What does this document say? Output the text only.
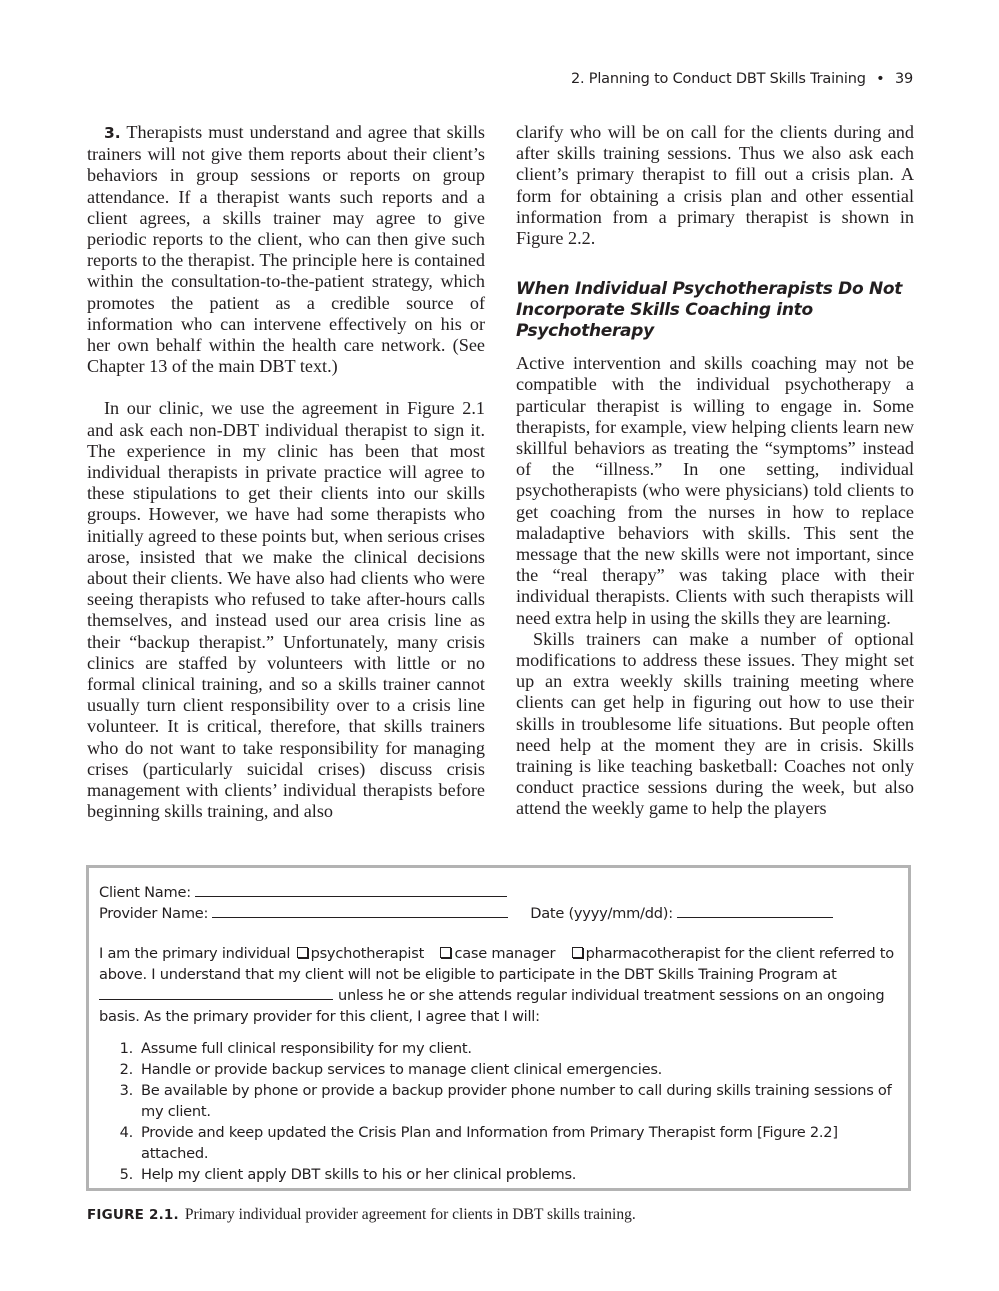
2. Planning to Conduct DBT Skills Training • 39

3. Therapists must understand and agree that skills trainers will not give them reports about their client’s behaviors in group sessions or reports on group attendance. If a therapist wants such reports and a client agrees, a skills trainer may agree to give periodic reports to the client, who can then give such reports to the therapist. The principle here is contained within the consultation-to-the-patient strategy, which promotes the patient as a credible source of information who can intervene effectively on his or her own behalf within the health care network. (See Chapter 13 of the main DBT text.)

In our clinic, we use the agreement in Figure 2.1 and ask each non-DBT individual therapist to sign it. The experience in my clinic has been that most individual therapists in private practice will agree to these stipulations to get their clients into our skills groups. However, we have had some therapists who initially agreed to these points but, when serious crises arose, insisted that we make the clinical decisions about their clients. We have also had clients who were seeing therapists who refused to take after-hours calls themselves, and instead used our area crisis line as their “backup therapist.” Unfortunately, many crisis clinics are staffed by volunteers with little or no formal clinical training, and so a skills trainer cannot usually turn client responsibility over to a crisis line volunteer. It is critical, therefore, that skills trainers who do not want to take responsibility for managing crises (particularly suicidal crises) discuss crisis management with clients’ individual therapists before beginning skills training, and also

clarify who will be on call for the clients during and after skills training sessions. Thus we also ask each client’s primary therapist to fill out a crisis plan. A form for obtaining a crisis plan and other essential information from a primary therapist is shown in Figure 2.2.

When Individual Psychotherapists Do Not Incorporate Skills Coaching into Psychotherapy

Active intervention and skills coaching may not be compatible with the individual psychotherapy a particular therapist is willing to engage in. Some therapists, for example, view helping clients learn new skillful behaviors as treating the “symptoms” instead of the “illness.” In one setting, individual psychotherapists (who were physicians) told clients to get coaching from the nurses in how to replace maladaptive behaviors with skills. This sent the message that the new skills were not important, since the “real therapy” was taking place with their individual therapists. Clients with such therapists will need extra help in using the skills they are learning.

Skills trainers can make a number of optional modifications to address these issues. They might set up an extra weekly skills training meeting where clients can get help in figuring out how to use their skills in troublesome life situations. But people often need help at the moment they are in crisis. Skills training is like teaching basketball: Coaches not only conduct practice sessions during the week, but also attend the weekly game to help the players

Client Name:
Provider Name:	Date (yyyy/mm/dd):
I am the primary individual psychotherapist case manager pharmacotherapist for the client referred to above. I understand that my client will not be eligible to participate in the DBT Skills Training Program at
unless he or she attends regular individual treatment sessions on an ongoing basis. As the primary provider for this client, I agree that I will:
1. Assume full clinical responsibility for my client.
2. Handle or provide backup services to manage client clinical emergencies.
3. Be available by phone or provide a backup provider phone number to call during skills training sessions of my client.
4. Provide and keep updated the Crisis Plan and Information from Primary Therapist form [Figure 2.2] attached.
5. Help my client apply DBT skills to his or her clinical problems.
FIGURE 2.1. Primary individual provider agreement for clients in DBT skills training.
